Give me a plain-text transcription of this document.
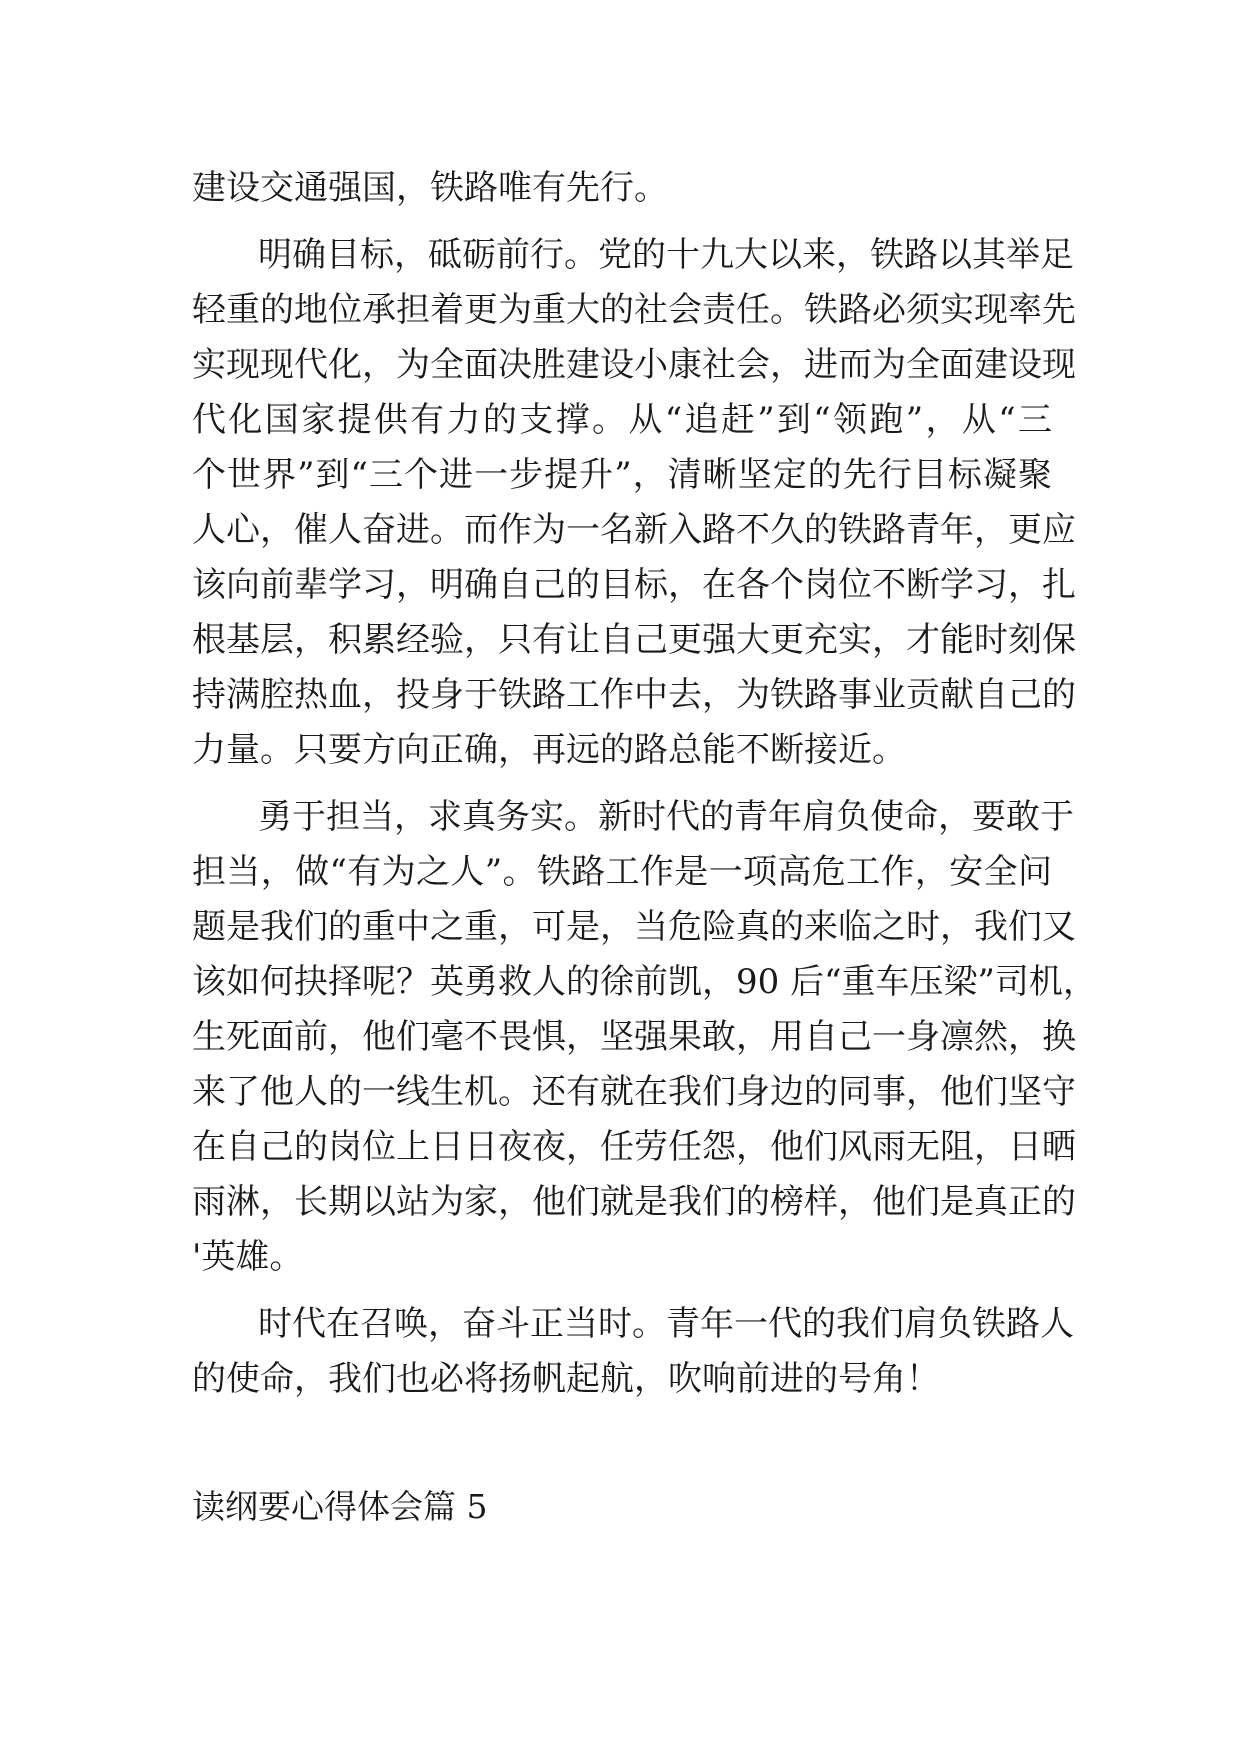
建设交通强国，铁路唯有先行。
明确目标，砥砺前行。党的十九大以来，铁路以其举足
轻重的地位承担着更为重大的社会责任。铁路必须实现率先
实现现代化，为全面决胜建设小康社会，进而为全面建设现
代化国家提供有力的支撑。从“追赶”到“领跑”，从“三
个世界”到“三个进一步提升”，清晰坚定的先行目标凝聚
人心，催人奋进。而作为一名新入路不久的铁路青年，更应
该向前辈学习，明确自己的目标，在各个岗位不断学习，扎
根基层，积累经验，只有让自己更强大更充实，才能时刻保
持满腔热血，投身于铁路工作中去，为铁路事业贡献自己的
力量。只要方向正确，再远的路总能不断接近。
勇于担当，求真务实。新时代的青年肩负使命，要敢于
担当，做“有为之人”。铁路工作是一项高危工作，安全问
题是我们的重中之重，可是，当危险真的来临之时，我们又
该如何抉择呢？英勇救人的徐前凯，90 后“重车压梁”司机，
生死面前，他们毫不畏惧，坚强果敢，用自己一身凛然，换
来了他人的一线生机。还有就在我们身边的同事，他们坚守
在自己的岗位上日日夜夜，任劳任怨，他们风雨无阻，日晒
雨淋，长期以站为家，他们就是我们的榜样，他们是真正的
'英雄。
时代在召唤，奋斗正当时。青年一代的我们肩负铁路人
的使命，我们也必将扬帆起航，吹响前进的号角！
读纲要心得体会篇 5
